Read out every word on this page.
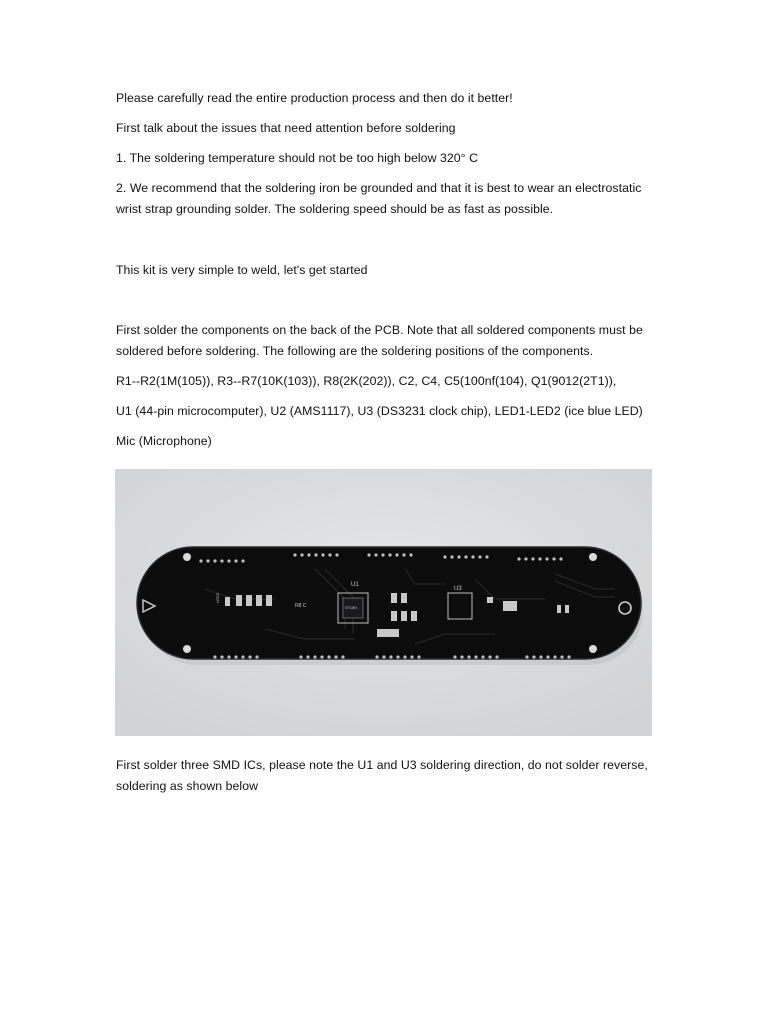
Please carefully read the entire production process and then do it better!

First talk about the issues that need attention before soldering

1. The soldering temperature should not be too high below 320° C

2. We recommend that the soldering iron be grounded and that it is best to wear an electrostatic wrist strap grounding solder. The soldering speed should be as fast as possible.

This kit is very simple to weld, let's get started

First solder the components on the back of the PCB. Note that all soldered components must be soldered before soldering. The following are the soldering positions of the components.

R1--R2(1M(105)), R3--R7(10K(103)), R8(2K(202)), C2, C4, C5(100nf(104), Q1(9012(2T1)),

U1 (44-pin microcomputer), U2 (AMS1117), U3 (DS3231 clock chip), LED1-LED2 (ice blue LED)

Mic (Microphone)

U1
STC8H
R8 C
LED2
U3

First solder three SMD ICs, please note the U1 and U3 soldering direction, do not solder reverse, soldering as shown below
